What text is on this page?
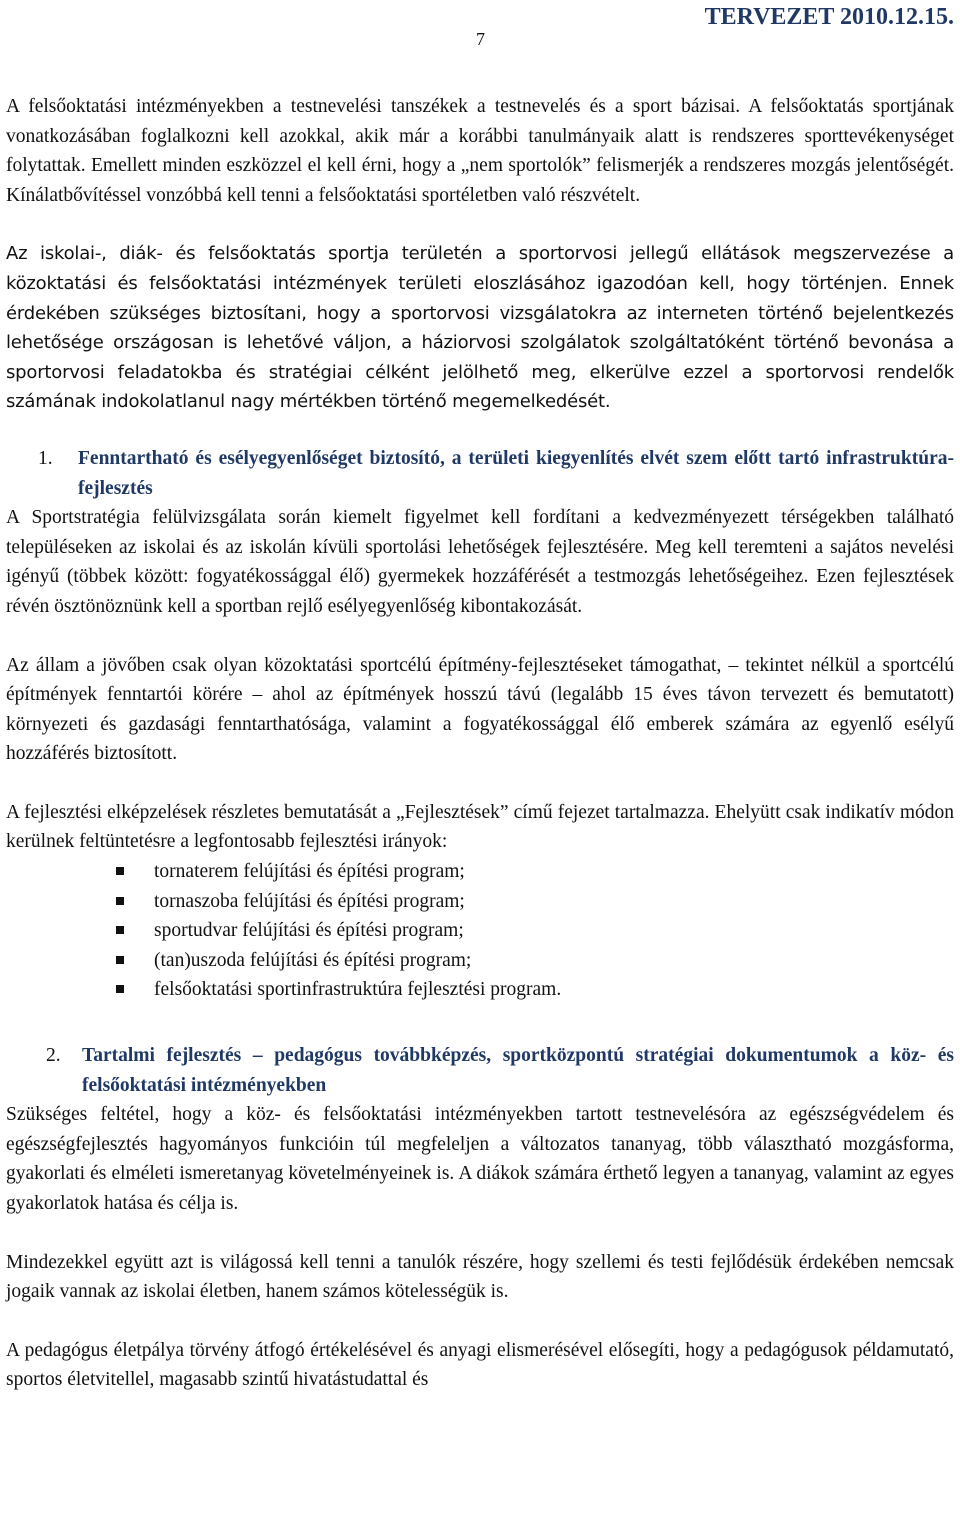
TERVEZET 2010.12.15.
7

A felsőoktatási intézményekben a testnevelési tanszékek a testnevelés és a sport bázisai. A felsőoktatás sportjának vonatkozásában foglalkozni kell azokkal, akik már a korábbi tanulmányaik alatt is rendszeres sporttevékenységet folytattak. Emellett minden eszközzel el kell érni, hogy a „nem sportolók” felismerjék a rendszeres mozgás jelentőségét. Kínálatbővítéssel vonzóbbá kell tenni a felsőoktatási sportéletben való részvételt.

Az iskolai-, diák- és felsőoktatás sportja területén a sportorvosi jellegű ellátások megszervezése a közoktatási és felsőoktatási intézmények területi eloszlásához igazodóan kell, hogy történjen. Ennek érdekében szükséges biztosítani, hogy a sportorvosi vizsgálatokra az interneten történő bejelentkezés lehetősége országosan is lehetővé váljon, a háziorvosi szolgálatok szolgáltatóként történő bevonása a sportorvosi feladatokba és stratégiai célként jelölhető meg, elkerülve ezzel a sportorvosi rendelők számának indokolatlanul nagy mértékben történő megemelkedését.

1.	Fenntartható és esélyegyenlőséget biztosító, a területi kiegyenlítés elvét szem előtt tartó infrastruktúra-fejlesztés

A Sportstratégia felülvizsgálata során kiemelt figyelmet kell fordítani a kedvezményezett térségekben található településeken az iskolai és az iskolán kívüli sportolási lehetőségek fejlesztésére. Meg kell teremteni a sajátos nevelési igényű (többek között: fogyatékossággal élő) gyermekek hozzáférését a testmozgás lehetőségeihez. Ezen fejlesztések révén ösztönöznünk kell a sportban rejlő esélyegyenlőség kibontakozását.

Az állam a jövőben csak olyan közoktatási sportcélú építmény-fejlesztéseket támogathat, – tekintet nélkül a sportcélú építmények fenntartói körére – ahol az építmények hosszú távú (legalább 15 éves távon tervezett és bemutatott) környezeti és gazdasági fenntarthatósága, valamint a fogyatékossággal élő emberek számára az egyenlő esélyű hozzáférés biztosított.

A fejlesztési elképzelések részletes bemutatását a „Fejlesztések” című fejezet tartalmazza. Ehelyütt csak indikatív módon kerülnek feltüntetésre a legfontosabb fejlesztési irányok:

tornaterem felújítási és építési program;
tornaszoba felújítási és építési program;
sportudvar felújítási és építési program;
(tan)uszoda felújítási és építési program;
felsőoktatási sportinfrastruktúra fejlesztési program.
2.	Tartalmi fejlesztés – pedagógus továbbképzés, sportközpontú stratégiai dokumentumok a köz- és felsőoktatási intézményekben

Szükséges feltétel, hogy a köz- és felsőoktatási intézményekben tartott testnevelésóra az egészségvédelem és egészségfejlesztés hagyományos funkcióin túl megfeleljen a változatos tananyag, több választható mozgásforma, gyakorlati és elméleti ismeretanyag követelményeinek is. A diákok számára érthető legyen a tananyag, valamint az egyes gyakorlatok hatása és célja is.

Mindezekkel együtt azt is világossá kell tenni a tanulók részére, hogy szellemi és testi fejlődésük érdekében nemcsak jogaik vannak az iskolai életben, hanem számos kötelességük is.

A pedagógus életpálya törvény átfogó értékelésével és anyagi elismerésével elősegíti, hogy a pedagógusok példamutató, sportos életvitellel, magasabb szintű hivatástudattal és
